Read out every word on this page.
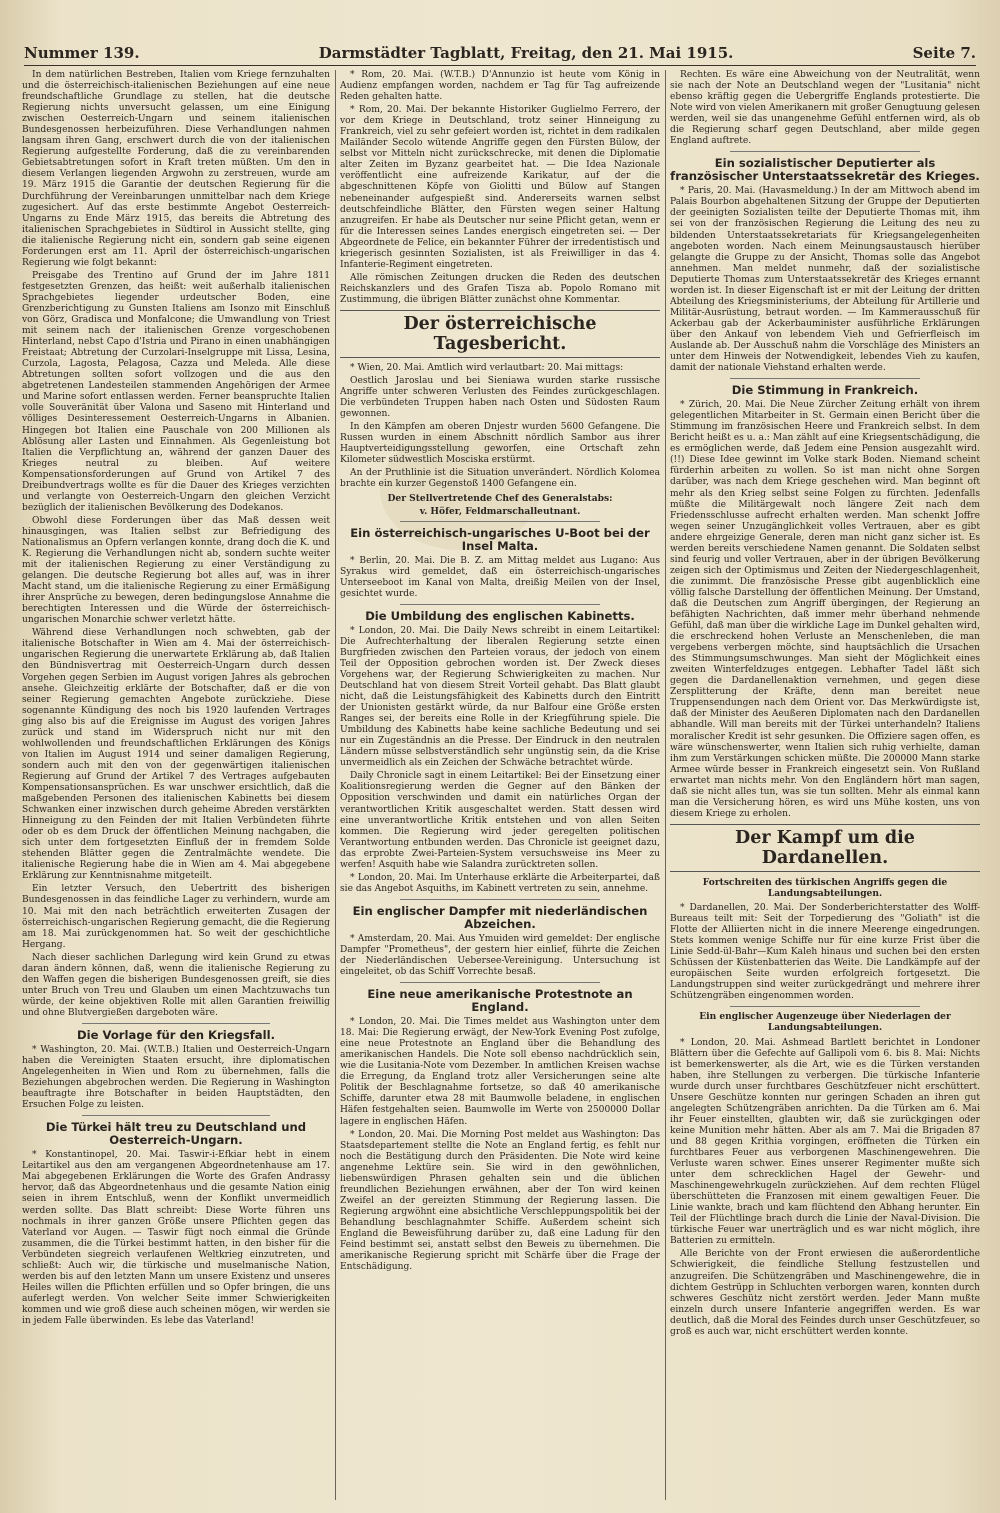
Nummer 139.	Darmstädter Tagblatt, Freitag, den 21. Mai 1915.	Seite 7.

In dem natürlichen Bestreben, Italien vom Kriege fernzuhalten und die österreichisch-italienischen Beziehungen auf eine neue freundschaftliche Grundlage zu stellen, hat die deutsche Regierung nichts unversucht gelassen, um eine Einigung zwischen Oesterreich-Ungarn und seinem italienischen Bundesgenossen herbeizuführen. Diese Verhandlungen nahmen langsam ihren Gang, erschwert durch die von der italienischen Regierung aufgestellte Forderung, daß die zu vereinbarenden Gebietsabtretungen sofort in Kraft treten müßten. Um den in diesem Verlangen liegenden Argwohn zu zerstreuen, wurde am 19. März 1915 die Garantie der deutschen Regierung für die Durchführung der Vereinbarungen unmittelbar nach dem Kriege zugesichert. Auf das erste bestimmte Angebot Oesterreich-Ungarns zu Ende März 1915, das bereits die Abtretung des italienischen Sprachgebietes in Südtirol in Aussicht stellte, ging die italienische Regierung nicht ein, sondern gab seine eigenen Forderungen erst am 11. April der österreichisch-ungarischen Regierung wie folgt bekannt:

Preisgabe des Trentino auf Grund der im Jahre 1811 festgesetzten Grenzen, das heißt: weit außerhalb italienischen Sprachgebietes liegender urdeutscher Boden, eine Grenzberichtigung zu Gunsten Italiens am Isonzo mit Einschluß von Görz, Gradisca und Monfalcone; die Umwandlung von Triest mit seinem nach der italienischen Grenze vorgeschobenen Hinterland, nebst Capo d'Istria und Pirano in einen unabhängigen Freistaat; Abtretung der Curzolari-Inselgruppe mit Lissa, Lesina, Curzola, Lagosta, Pelagosa, Cazza und Meleda. Alle diese Abtretungen sollten sofort vollzogen und die aus den abgetretenen Landesteilen stammenden Angehörigen der Armee und Marine sofort entlassen werden. Ferner beanspruchte Italien volle Souveränität über Valona und Saseno mit Hinterland und völliges Desinteressement Oesterreich-Ungarns in Albanien. Hingegen bot Italien eine Pauschale von 200 Millionen als Ablösung aller Lasten und Einnahmen. Als Gegenleistung bot Italien die Verpflichtung an, während der ganzen Dauer des Krieges neutral zu bleiben. Auf weitere Kompensationsforderungen auf Grund von Artikel 7 des Dreibundvertrags wollte es für die Dauer des Krieges verzichten und verlangte von Oesterreich-Ungarn den gleichen Verzicht bezüglich der italienischen Bevölkerung des Dodekanos.

Obwohl diese Forderungen über das Maß dessen weit hinausgingen, was Italien selbst zur Befriedigung des Nationalismus an Opfern verlangen konnte, drang doch die K. und K. Regierung die Verhandlungen nicht ab, sondern suchte weiter mit der italienischen Regierung zu einer Verständigung zu gelangen. Die deutsche Regierung bot alles auf, was in ihrer Macht stand, um die italienische Regierung zu einer Ermäßigung ihrer Ansprüche zu bewegen, deren bedingungslose Annahme die berechtigten Interessen und die Würde der österreichisch-ungarischen Monarchie schwer verletzt hätte.

Während diese Verhandlungen noch schwebten, gab der italienische Botschafter in Wien am 4. Mai der österreichisch-ungarischen Regierung die unerwartete Erklärung ab, daß Italien den Bündnisvertrag mit Oesterreich-Ungarn durch dessen Vorgehen gegen Serbien im August vorigen Jahres als gebrochen ansehe. Gleichzeitig erklärte der Botschafter, daß er die von seiner Regierung gemachten Angebote zurückziehe. Diese sogenannte Kündigung des noch bis 1920 laufenden Vertrages ging also bis auf die Ereignisse im August des vorigen Jahres zurück und stand im Widerspruch nicht nur mit den wohlwollenden und freundschaftlichen Erklärungen des Königs von Italien im August 1914 und seiner damaligen Regierung, sondern auch mit den von der gegenwärtigen italienischen Regierung auf Grund der Artikel 7 des Vertrages aufgebauten Kompensationsansprüchen. Es war unschwer ersichtlich, daß die maßgebenden Personen des italienischen Kabinetts bei diesem Schwanken einer inzwischen durch geheime Abreden verstärkten Hinneigung zu den Feinden der mit Italien Verbündeten führte oder ob es dem Druck der öffentlichen Meinung nachgaben, die sich unter dem fortgesetzten Einfluß der in fremdem Solde stehenden Blätter gegen die Zentralmächte wendete. Die italienische Regierung habe die in Wien am 4. Mai abgegebene Erklärung zur Kenntnisnahme mitgeteilt.

Ein letzter Versuch, den Uebertritt des bisherigen Bundesgenossen in das feindliche Lager zu verhindern, wurde am 10. Mai mit den nach beträchtlich erweiterten Zusagen der österreichisch-ungarischen Regierung gemacht, die die Regierung am 18. Mai zurückgenommen hat. So weit der geschichtliche Hergang.

Nach dieser sachlichen Darlegung wird kein Grund zu etwas daran ändern können, daß, wenn die italienische Regierung zu den Waffen gegen die bisherigen Bundesgenossen greift, sie dies unter Bruch von Treu und Glauben um einen Machtzuwachs tun würde, der keine objektiven Rolle mit allen Garantien freiwillig und ohne Blutvergießen dargeboten wäre.

Die Vorlage für den Kriegsfall.

* Washington, 20. Mai. (W.T.B.) Italien und Oesterreich-Ungarn haben die Vereinigten Staaten ersucht, ihre diplomatischen Angelegenheiten in Wien und Rom zu übernehmen, falls die Beziehungen abgebrochen werden. Die Regierung in Washington beauftragte ihre Botschafter in beiden Hauptstädten, den Ersuchen Folge zu leisten.

Die Türkei hält treu zu Deutschland und Oesterreich-Ungarn.

* Konstantinopel, 20. Mai. Taswir-i-Efkiar hebt in einem Leitartikel aus den am vergangenen Abgeordnetenhause am 17. Mai abgegebenen Erklärungen die Worte des Grafen Andrassy hervor, daß das Abgeordnetenhaus und die gesamte Nation einig seien in ihrem Entschluß, wenn der Konflikt unvermeidlich werden sollte. Das Blatt schreibt: Diese Worte führen uns nochmals in ihrer ganzen Größe unsere Pflichten gegen das Vaterland vor Augen. — Taswir fügt noch einmal die Gründe zusammen, die die Türkei bestimmt hatten, in den bisher für die Verbündeten siegreich verlaufenen Weltkrieg einzutreten, und schließt: Auch wir, die türkische und muselmanische Nation, werden bis auf den letzten Mann um unsere Existenz und unseres Heiles willen die Pflichten erfüllen und so Opfer bringen, die uns auferlegt werden. Von welcher Seite immer Schwierigkeiten kommen und wie groß diese auch scheinen mögen, wir werden sie in jedem Falle überwinden. Es lebe das Vaterland!

* Rom, 20. Mai. (W.T.B.) D'Annunzio ist heute vom König in Audienz empfangen worden, nachdem er Tag für Tag aufreizende Reden gehalten hatte.

* Rom, 20. Mai. Der bekannte Historiker Guglielmo Ferrero, der vor dem Kriege in Deutschland, trotz seiner Hinneigung zu Frankreich, viel zu sehr gefeiert worden ist, richtet in dem radikalen Mailänder Secolo wütende Angriffe gegen den Fürsten Bülow, der selbst vor Mitteln nicht zurückschrecke, mit denen die Diplomatie alter Zeiten im Byzanz gearbeitet hat. — Die Idea Nazionale veröffentlicht eine aufreizende Karikatur, auf der die abgeschnittenen Köpfe von Giolitti und Bülow auf Stangen nebeneinander aufgespießt sind. Andererseits warnen selbst deutschfeindliche Blätter, den Fürsten wegen seiner Haltung anzugreifen. Er habe als Deutscher nur seine Pflicht getan, wenn er für die Interessen seines Landes energisch eingetreten sei. — Der Abgeordnete de Felice, ein bekannter Führer der irredentistisch und kriegerisch gesinnten Sozialisten, ist als Freiwilliger in das 4. Infanterie-Regiment eingetreten.

Alle römischen Zeitungen drucken die Reden des deutschen Reichskanzlers und des Grafen Tisza ab. Popolo Romano mit Zustimmung, die übrigen Blätter zunächst ohne Kommentar.

Der österreichische Tagesbericht.

* Wien, 20. Mai. Amtlich wird verlautbart: 20. Mai mittags:

Oestlich Jaroslau und bei Sieniawa wurden starke russische Angriffe unter schweren Verlusten des Feindes zurückgeschlagen. Die verbündeten Truppen haben nach Osten und Südosten Raum gewonnen.

In den Kämpfen am oberen Dnjestr wurden 5600 Gefangene. Die Russen wurden in einem Abschnitt nördlich Sambor aus ihrer Hauptverteidigungsstellung geworfen, eine Ortschaft zehn Kilometer südwestlich Mosciska erstürmt.

An der Pruthlinie ist die Situation unverändert. Nördlich Kolomea brachte ein kurzer Gegenstoß 1400 Gefangene ein.

Der Stellvertretende Chef des Generalstabs:

v. Höfer, Feldmarschalleutnant.

Ein österreichisch-ungarisches U-Boot bei der Insel Malta.

* Berlin, 20. Mai. Die B. Z. am Mittag meldet aus Lugano: Aus Syrakus wird gemeldet, daß ein österreichisch-ungarisches Unterseeboot im Kanal von Malta, dreißig Meilen von der Insel, gesichtet wurde.

Die Umbildung des englischen Kabinetts.

* London, 20. Mai. Die Daily News schreibt in einem Leitartikel: Die Aufrechterhaltung der liberalen Regierung setzte einen Burgfrieden zwischen den Parteien voraus, der jedoch von einem Teil der Opposition gebrochen worden ist. Der Zweck dieses Vorgehens war, der Regierung Schwierigkeiten zu machen. Nur Deutschland hat von diesem Streit Vorteil gehabt. Das Blatt glaubt nicht, daß die Leistungsfähigkeit des Kabinetts durch den Eintritt der Unionisten gestärkt würde, da nur Balfour eine Größe ersten Ranges sei, der bereits eine Rolle in der Kriegführung spiele. Die Umbildung des Kabinetts habe keine sachliche Bedeutung und sei nur ein Zugeständnis an die Presse. Der Eindruck in den neutralen Ländern müsse selbstverständlich sehr ungünstig sein, da die Krise unvermeidlich als ein Zeichen der Schwäche betrachtet würde.

Daily Chronicle sagt in einem Leitartikel: Bei der Einsetzung einer Koalitionsregierung werden die Gegner auf den Bänken der Opposition verschwinden und damit ein natürliches Organ der verantwortlichen Kritik ausgeschaltet werden. Statt dessen wird eine unverantwortliche Kritik entstehen und von allen Seiten kommen. Die Regierung wird jeder geregelten politischen Verantwortung entbunden werden. Das Chronicle ist geeignet dazu, das erprobte Zwei-Parteien-System versuchsweise ins Meer zu werfen! Asquith habe wie Salandra zurücktreten sollen.

* London, 20. Mai. Im Unterhause erklärte die Arbeiterpartei, daß sie das Angebot Asquiths, im Kabinett vertreten zu sein, annehme.

Ein englischer Dampfer mit niederländischen Abzeichen.

* Amsterdam, 20. Mai. Aus Ymuiden wird gemeldet: Der englische Dampfer "Prometheus", der gestern hier einlief, führte die Zeichen der Niederländischen Uebersee-Vereinigung. Untersuchung ist eingeleitet, ob das Schiff Vorrechte besaß.

Eine neue amerikanische Protestnote an England.

* London, 20. Mai. Die Times meldet aus Washington unter dem 18. Mai: Die Regierung erwägt, der New-York Evening Post zufolge, eine neue Protestnote an England über die Behandlung des amerikanischen Handels. Die Note soll ebenso nachdrücklich sein, wie die Lusitania-Note vom Dezember. In amtlichen Kreisen wachse die Erregung, da England trotz aller Versicherungen seine alte Politik der Beschlagnahme fortsetze, so daß 40 amerikanische Schiffe, darunter etwa 28 mit Baumwolle beladene, in englischen Häfen festgehalten seien. Baumwolle im Werte von 2500000 Dollar lagere in englischen Häfen.

* London, 20. Mai. Die Morning Post meldet aus Washington: Das Staatsdepartement stellte die Note an England fertig, es fehlt nur noch die Bestätigung durch den Präsidenten. Die Note wird keine angenehme Lektüre sein. Sie wird in den gewöhnlichen, liebenswürdigen Phrasen gehalten sein und die üblichen freundlichen Beziehungen erwähnen, aber der Ton wird keinen Zweifel an der gereizten Stimmung der Regierung lassen. Die Regierung argwöhnt eine absichtliche Verschleppungspolitik bei der Behandlung beschlagnahmter Schiffe. Außerdem scheint sich England die Beweisführung darüber zu, daß eine Ladung für den Feind bestimmt sei, anstatt selbst den Beweis zu übernehmen. Die amerikanische Regierung spricht mit Schärfe über die Frage der Entschädigung.

Rechten. Es wäre eine Abweichung von der Neutralität, wenn sie nach der Note an Deutschland wegen der "Lusitania" nicht ebenso kräftig gegen die Uebergriffe Englands protestierte. Die Note wird von vielen Amerikanern mit großer Genugtuung gelesen werden, weil sie das unangenehme Gefühl entfernen wird, als ob die Regierung scharf gegen Deutschland, aber milde gegen England auftrete.

Ein sozialistischer Deputierter als französischer Unterstaatssekretär des Krieges.

* Paris, 20. Mai. (Havasmeldung.) In der am Mittwoch abend im Palais Bourbon abgehaltenen Sitzung der Gruppe der Deputierten der geeinigten Sozialisten teilte der Deputierte Thomas mit, ihm sei von der französischen Regierung die Leitung des neu zu bildenden Unterstaatssekretariats für Kriegsangelegenheiten angeboten worden. Nach einem Meinungsaustausch hierüber gelangte die Gruppe zu der Ansicht, Thomas solle das Angebot annehmen. Man meldet nunmehr, daß der sozialistische Deputierte Thomas zum Unterstaatssekretär des Krieges ernannt worden ist. In dieser Eigenschaft ist er mit der Leitung der dritten Abteilung des Kriegsministeriums, der Abteilung für Artillerie und Militär-Ausrüstung, betraut worden. — Im Kammerausschuß für Ackerbau gab der Ackerbauminister ausführliche Erklärungen über den Ankauf von lebendem Vieh und Gefrierfleisch im Auslande ab. Der Ausschuß nahm die Vorschläge des Ministers an unter dem Hinweis der Notwendigkeit, lebendes Vieh zu kaufen, damit der nationale Viehstand erhalten werde.

Die Stimmung in Frankreich.

* Zürich, 20. Mai. Die Neue Zürcher Zeitung erhält von ihrem gelegentlichen Mitarbeiter in St. Germain einen Bericht über die Stimmung im französischen Heere und Frankreich selbst. In dem Bericht heißt es u. a.: Man zählt auf eine Kriegsentschädigung, die es ermöglichen werde, daß Jedem eine Pension ausgezahlt wird. (!!) Diese Idee gewinnt im Volke stark Boden. Niemand scheint fürderhin arbeiten zu wollen. So ist man nicht ohne Sorgen darüber, was nach dem Kriege geschehen wird. Man beginnt oft mehr als den Krieg selbst seine Folgen zu fürchten. Jedenfalls müßte die Militärgewalt noch längere Zeit nach dem Friedensschlusse aufrecht erhalten werden. Man schenkt Joffre wegen seiner Unzugänglichkeit volles Vertrauen, aber es gibt andere ehrgeizige Generale, deren man nicht ganz sicher ist. Es werden bereits verschiedene Namen genannt. Die Soldaten selbst sind feurig und voller Vertrauen, aber in der übrigen Bevölkerung zeigen sich der Optimismus und Zeiten der Niedergeschlagenheit, die zunimmt. Die französische Presse gibt augenblicklich eine völlig falsche Darstellung der öffentlichen Meinung. Der Umstand, daß die Deutschen zum Angriff übergingen, der Regierung an befähigten Nachrichten, daß immer mehr überhand nehmende Gefühl, daß man über die wirkliche Lage im Dunkel gehalten wird, die erschreckend hohen Verluste an Menschenleben, die man vergebens verbergen möchte, sind hauptsächlich die Ursachen des Stimmungsumschwunges. Man sieht der Möglichkeit eines zweiten Winterfeldzuges entgegen. Lebhafter Tadel läßt sich gegen die Dardanellenaktion vernehmen, und gegen diese Zersplitterung der Kräfte, denn man bereitet neue Truppensendungen nach dem Orient vor. Das Merkwürdigste ist, daß der Minister des Aeußeren Diplomaten nach den Dardanellen abhandle. Will man bereits mit der Türkei unterhandeln? Italiens moralischer Kredit ist sehr gesunken. Die Offiziere sagen offen, es wäre wünschenswerter, wenn Italien sich ruhig verhielte, daman ihm zum Verstärkungen schicken müßte. Die 200000 Mann starke Armee würde besser in Frankreich eingesetzt sein. Von Rußland erwartet man nichts mehr. Von den Engländern hört man sagen, daß sie nicht alles tun, was sie tun sollten. Mehr als einmal kann man die Versicherung hören, es wird uns Mühe kosten, uns von diesem Kriege zu erholen.

Der Kampf um die Dardanellen.
Fortschreiten des türkischen Angriffs gegen die Landungsabteilungen.

* Dardanellen, 20. Mai. Der Sonderberichterstatter des Wolff-Bureaus teilt mit: Seit der Torpedierung des "Goliath" ist die Flotte der Alliierten nicht in die innere Meerenge eingedrungen. Stets kommen wenige Schiffe nur für eine kurze Frist über die Linie Sedd-ül-Bahr—Kum Kaleh hinaus und suchen bei den ersten Schüssen der Küstenbatterien das Weite. Die Landkämpfe auf der europäischen Seite wurden erfolgreich fortgesetzt. Die Landungstruppen sind weiter zurückgedrängt und mehrere ihrer Schützengräben eingenommen worden.

Ein englischer Augenzeuge über Niederlagen der Landungsabteilungen.

* London, 20. Mai. Ashmead Bartlett berichtet in Londoner Blättern über die Gefechte auf Gallipoli vom 6. bis 8. Mai: Nichts ist bemerkenswerter, als die Art, wie es die Türken verstanden haben, ihre Stellungen zu verbergen. Die türkische Infanterie wurde durch unser furchtbares Geschützfeuer nicht erschüttert. Unsere Geschütze konnten nur geringen Schaden an ihren gut angelegten Schützengräben anrichten. Da die Türken am 6. Mai ihr Feuer einstellten, glaubten wir, daß sie zurückgingen oder keine Munition mehr hätten. Aber als am 7. Mai die Brigaden 87 und 88 gegen Krithia vorgingen, eröffneten die Türken ein furchtbares Feuer aus verborgenen Maschinengewehren. Die Verluste waren schwer. Eines unserer Regimenter mußte sich unter dem schrecklichen Hagel der Gewehr- und Maschinengewehrkugeln zurückziehen. Auf dem rechten Flügel überschütteten die Franzosen mit einem gewaltigen Feuer. Die Linie wankte, brach und kam flüchtend den Abhang herunter. Ein Teil der Flüchtlinge brach durch die Linie der Naval-Division. Die türkische Feuer war unerträglich und es war nicht möglich, ihre Batterien zu ermitteln.

Alle Berichte von der Front erwiesen die außerordentliche Schwierigkeit, die feindliche Stellung festzustellen und anzugreifen. Die Schützengräben und Maschinengewehre, die in dichtem Gestrüpp in Schluchten verborgen waren, konnten durch schweres Geschütz nicht zerstört werden. Jeder Mann mußte einzeln durch unsere Infanterie angegriffen werden. Es war deutlich, daß die Moral des Feindes durch unser Geschützfeuer, so groß es auch war, nicht erschüttert werden konnte.
